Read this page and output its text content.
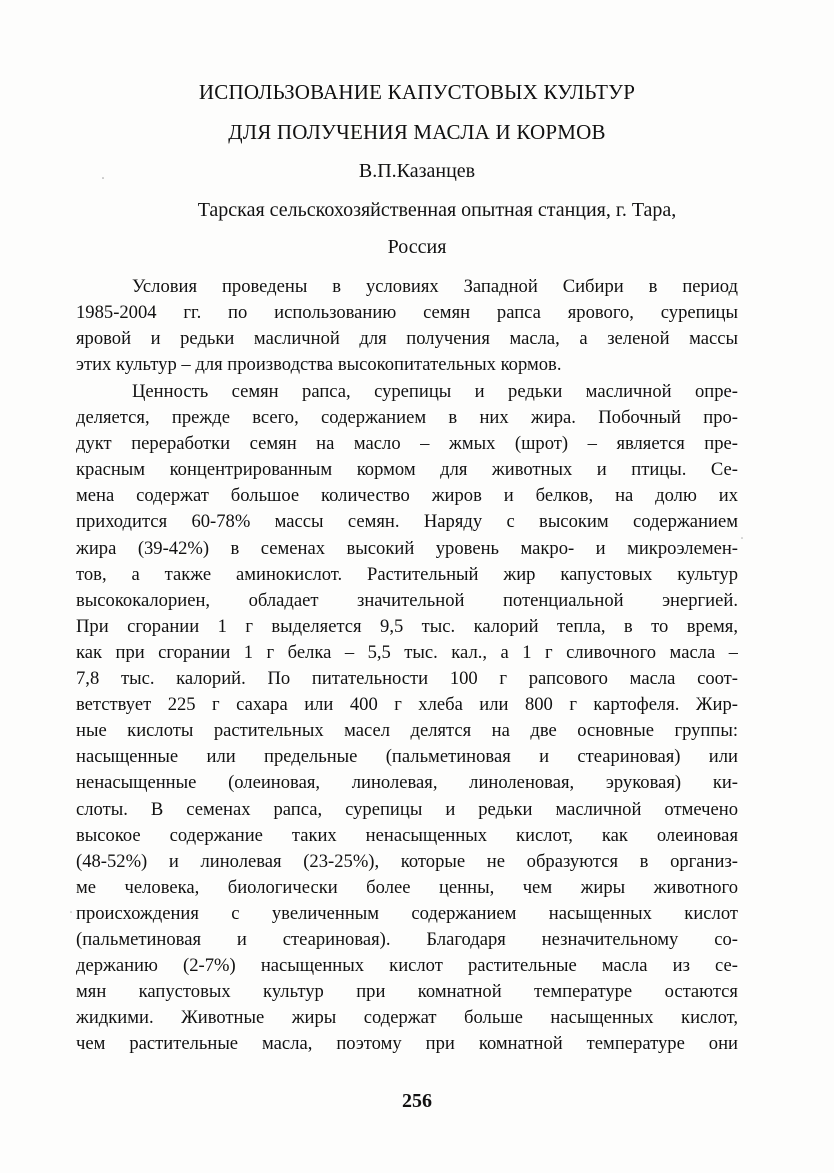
ИСПОЛЬЗОВАНИЕ КАПУСТОВЫХ КУЛЬТУР
ДЛЯ ПОЛУЧЕНИЯ МАСЛА И КОРМОВ
В.П.Казанцев
Тарская сельскохозяйственная опытная станция, г. Тара,
Россия
Условия проведены в условиях Западной Сибири в период
1985-2004 гг. по использованию семян рапса ярового, сурепицы
яровой и редьки масличной для получения масла, а зеленой массы
этих культур – для производства высокопитательных кормов.
Ценность семян рапса, сурепицы и редьки масличной опре-
деляется, прежде всего, содержанием в них жира. Побочный про-
дукт переработки семян на масло – жмых (шрот) – является пре-
красным концентрированным кормом для животных и птицы. Се-
мена содержат большое количество жиров и белков, на долю их
приходится 60-78% массы семян. Наряду с высоким содержанием
жира (39-42%) в семенах высокий уровень макро- и микроэлемен-
тов, а также аминокислот. Растительный жир капустовых культур
высококалориен, обладает значительной потенциальной энергией.
При сгорании 1 г выделяется 9,5 тыс. калорий тепла, в то время,
как при сгорании 1 г белка – 5,5 тыс. кал., а 1 г сливочного масла –
7,8 тыс. калорий. По питательности 100 г рапсового масла соот-
ветствует 225 г сахара или 400 г хлеба или 800 г картофеля. Жир-
ные кислоты растительных масел делятся на две основные группы:
насыщенные или предельные (пальметиновая и стеариновая) или
ненасыщенные (олеиновая, линолевая, линоленовая, эруковая) ки-
слоты. В семенах рапса, сурепицы и редьки масличной отмечено
высокое содержание таких ненасыщенных кислот, как олеиновая
(48-52%) и линолевая (23-25%), которые не образуются в организ-
ме человека, биологически более ценны, чем жиры животного
происхождения с увеличенным содержанием насыщенных кислот
(пальметиновая и стеариновая). Благодаря незначительному со-
держанию (2-7%) насыщенных кислот растительные масла из се-
мян капустовых культур при комнатной температуре остаются
жидкими. Животные жиры содержат больше насыщенных кислот,
чем растительные масла, поэтому при комнатной температуре они
256
